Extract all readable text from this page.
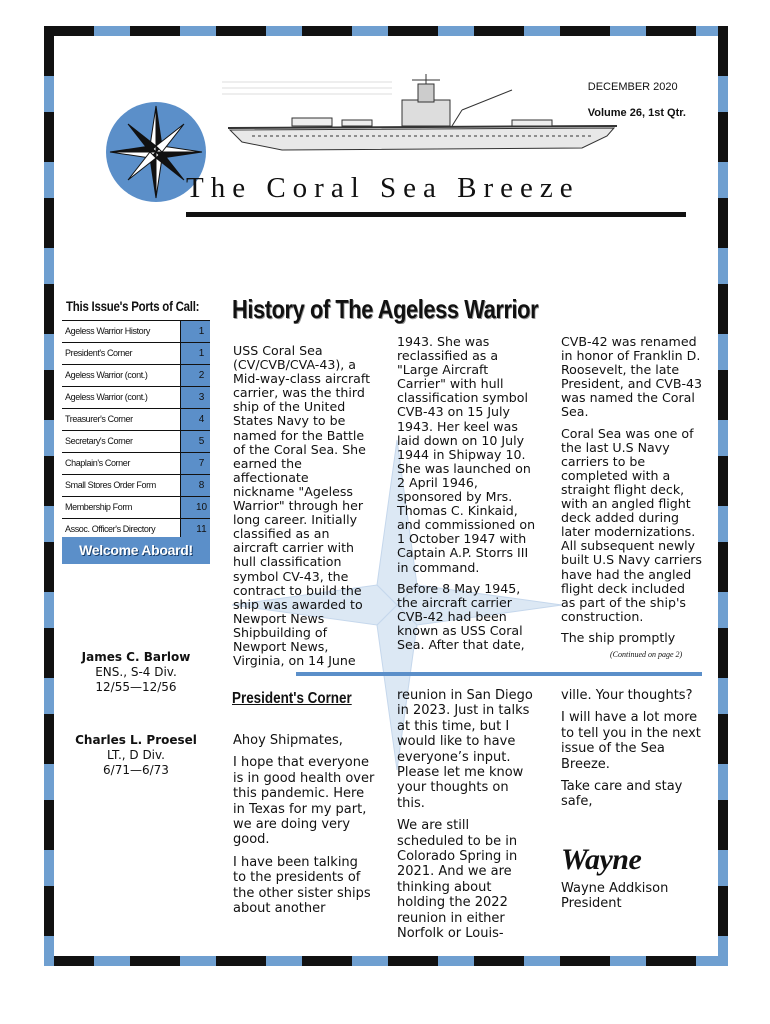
DECEMBER 2020
Volume 26, 1st Qtr.
The Coral Sea Breeze
This Issue's Ports of Call:
Ageless Warrior History	1
President's Corner	1
Ageless Warrior (cont.)	2
Ageless Warrior (cont.)	3
Treasurer's Corner	4
Secretary's Corner	5
Chaplain's Corner	7
Small Stores Order Form	8
Membership Form	10
Assoc. Officer's Directory	11
Welcome Aboard!
James C. Barlow
ENS., S-4 Div.
12/55—12/56
Charles L. Proesel
LT., D Div.
6/71—6/73
History of The Ageless Warrior

USS Coral Sea (CV/CVB/CVA-43), a Mid-way-class aircraft carrier, was the third ship of the United States Navy to be named for the Battle of the Coral Sea. She earned the affectionate nickname "Ageless Warrior" through her long career. Initially classified as an aircraft carrier with hull classification symbol CV-43, the contract to build the ship was awarded to Newport News Shipbuilding of Newport News, Virginia, on 14 June

1943. She was reclassified as a "Large Aircraft Carrier" with hull classification symbol CVB-43 on 15 July 1943. Her keel was laid down on 10 July 1944 in Shipway 10. She was launched on 2 April 1946, sponsored by Mrs. Thomas C. Kinkaid, and commissioned on 1 October 1947 with Captain A.P. Storrs III in command.

Before 8 May 1945, the aircraft carrier CVB-42 had been known as USS Coral Sea. After that date,

CVB-42 was renamed in honor of Franklin D. Roosevelt, the late President, and CVB-43 was named the Coral Sea.

Coral Sea was one of the last U.S Navy carriers to be completed with a straight flight deck, with an angled flight deck added during later modernizations. All subsequent newly built U.S Navy carriers have had the angled flight deck included as part of the ship's construction.

The ship promptly

(Continued on page 2)
President's Corner

Ahoy Shipmates,

I hope that everyone is in good health over this pandemic. Here in Texas for my part, we are doing very good.

I have been talking to the presidents of the other sister ships about another

reunion in San Diego in 2023. Just in talks at this time, but I would like to have everyone’s input. Please let me know your thoughts on this.

We are still scheduled to be in Colorado Spring in 2021. And we are thinking about holding the 2022 reunion in either Norfolk or Louis-

ville. Your thoughts?

I will have a lot more to tell you in the next issue of the Sea Breeze.

Take care and stay safe,

Wayne
Wayne Addkison
President
